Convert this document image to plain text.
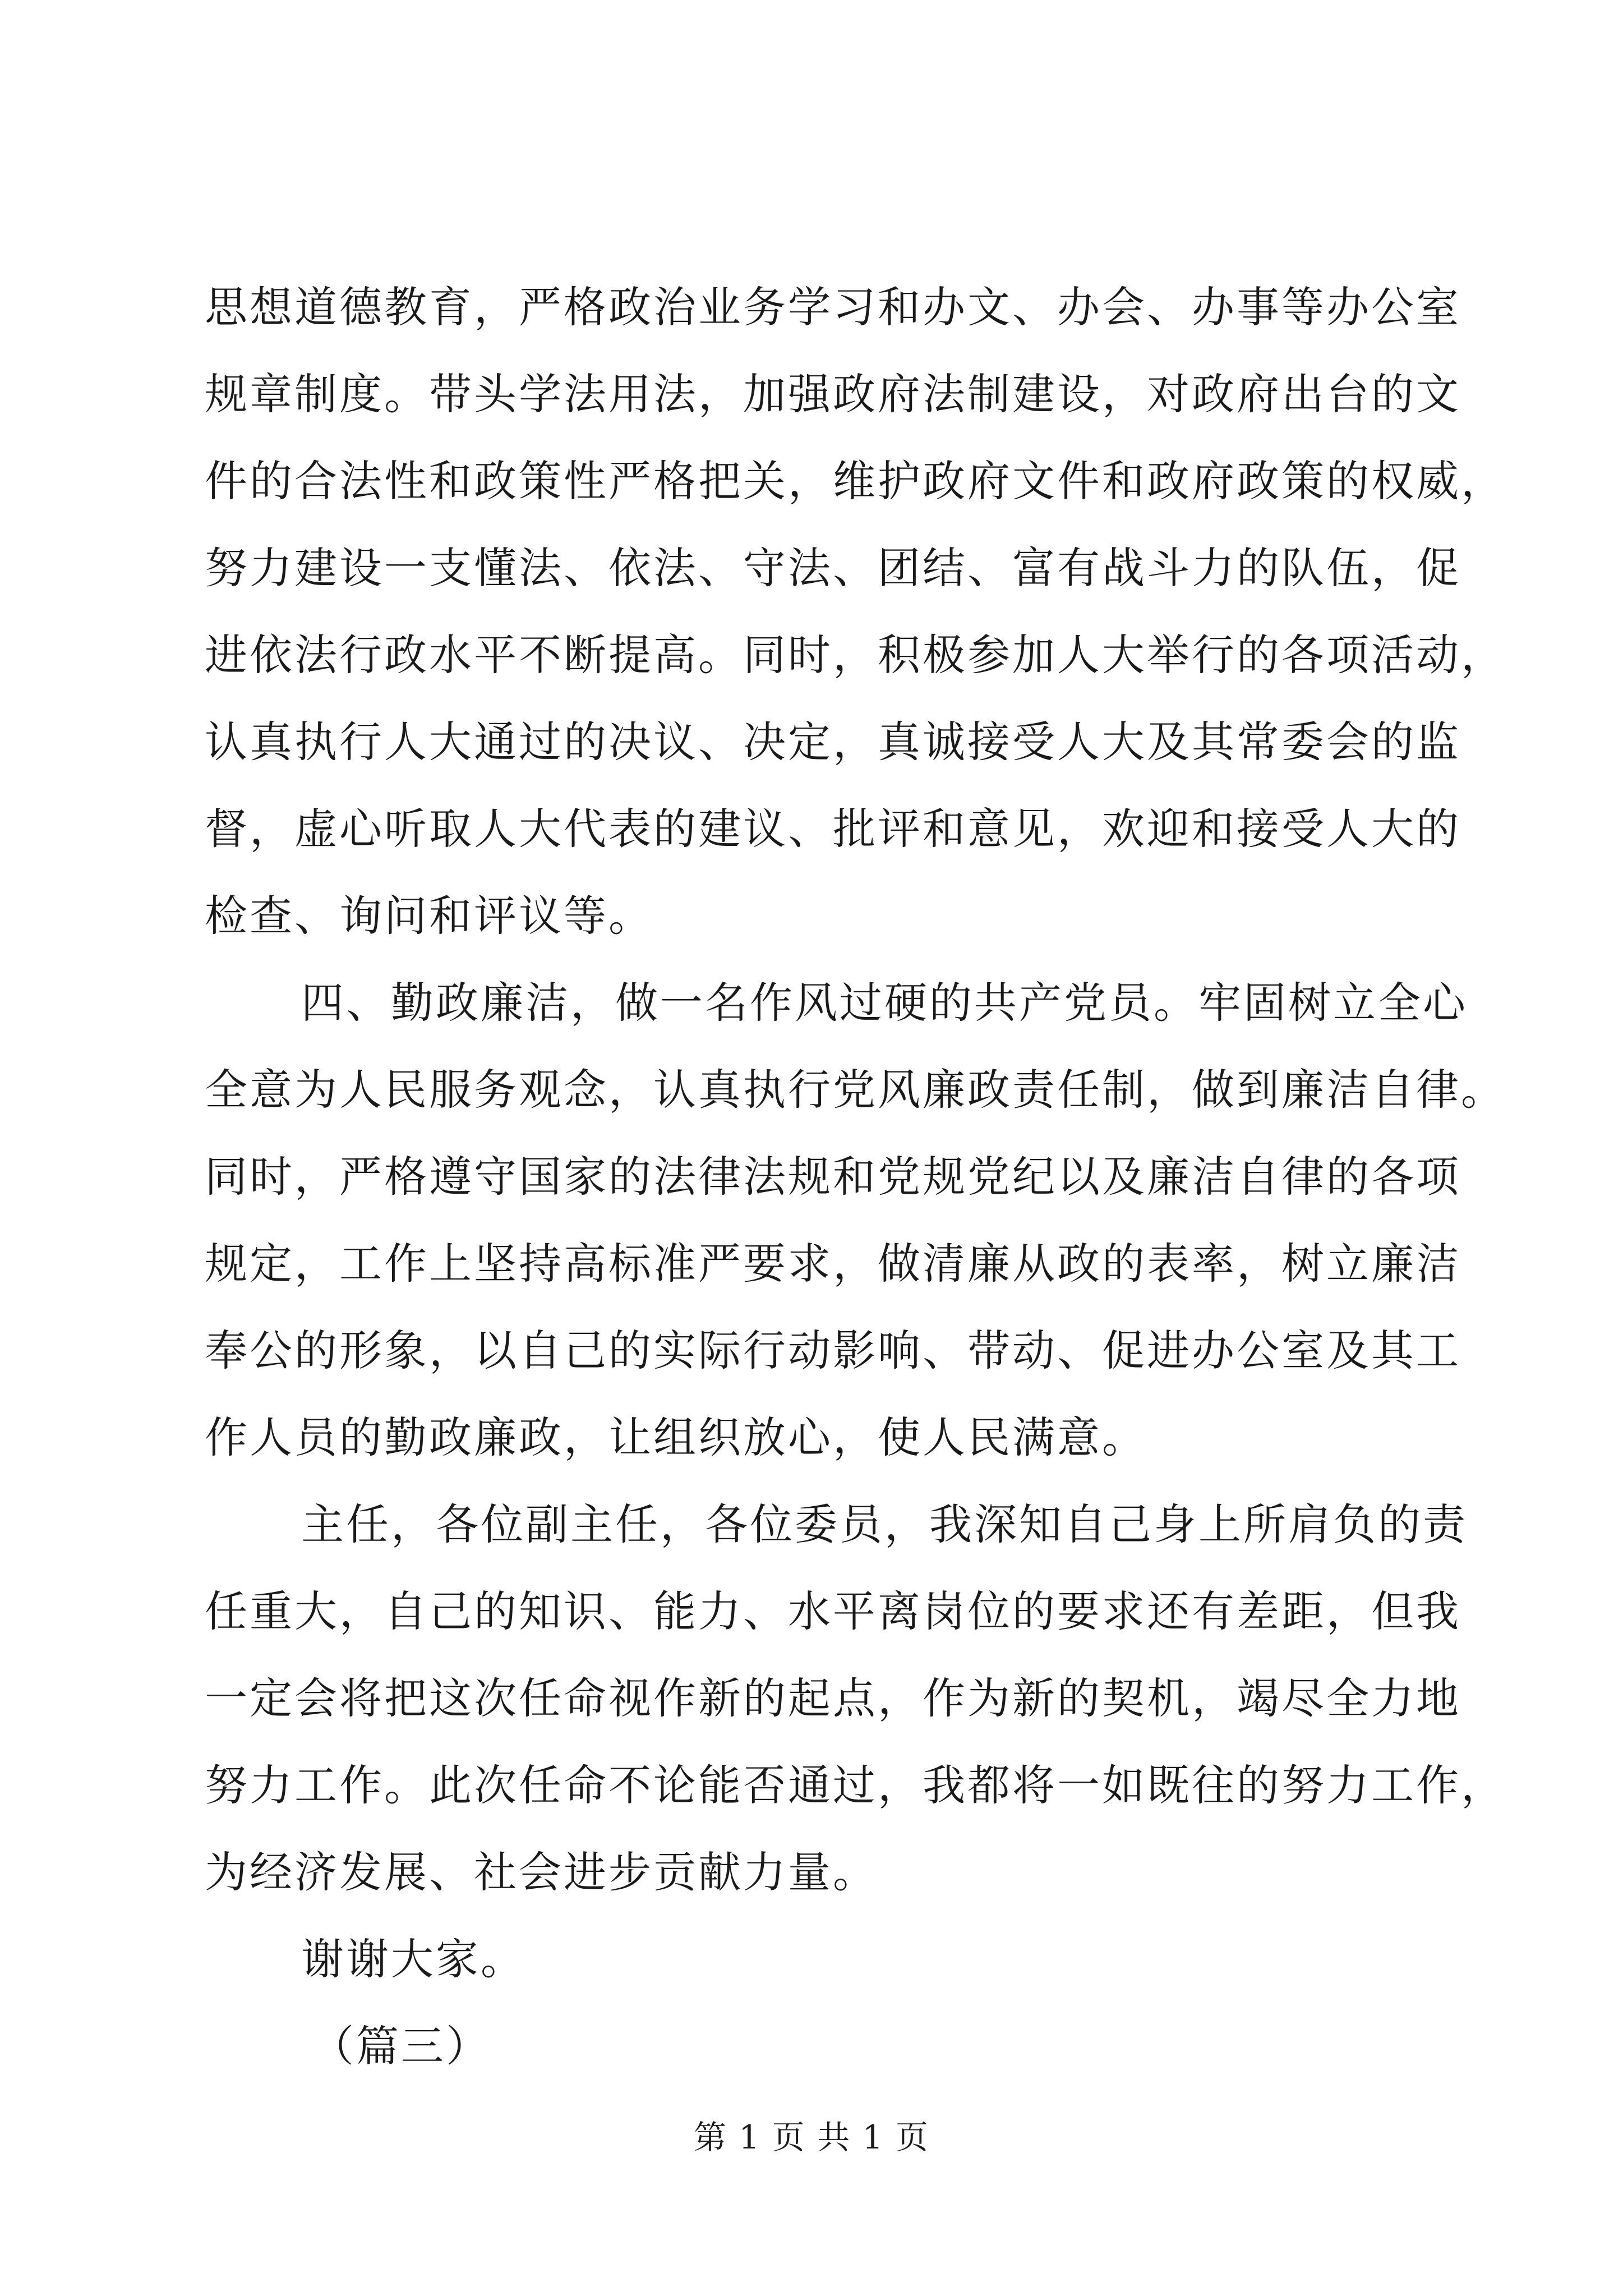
思想道德教育，严格政治业务学习和办文、办会、办事等办公室
规章制度。带头学法用法，加强政府法制建设，对政府出台的文
件的合法性和政策性严格把关，维护政府文件和政府政策的权威，
努力建设一支懂法、依法、守法、团结、富有战斗力的队伍，促
进依法行政水平不断提高。同时，积极参加人大举行的各项活动，
认真执行人大通过的决议、决定，真诚接受人大及其常委会的监
督，虚心听取人大代表的建议、批评和意见，欢迎和接受人大的
检查、询问和评议等。
四、勤政廉洁，做一名作风过硬的共产党员。牢固树立全心
全意为人民服务观念，认真执行党风廉政责任制，做到廉洁自律。
同时，严格遵守国家的法律法规和党规党纪以及廉洁自律的各项
规定，工作上坚持高标准严要求，做清廉从政的表率，树立廉洁
奉公的形象，以自己的实际行动影响、带动、促进办公室及其工
作人员的勤政廉政，让组织放心，使人民满意。
主任，各位副主任，各位委员，我深知自己身上所肩负的责
任重大，自己的知识、能力、水平离岗位的要求还有差距，但我
一定会将把这次任命视作新的起点，作为新的契机，竭尽全力地
努力工作。此次任命不论能否通过，我都将一如既往的努力工作，
为经济发展、社会进步贡献力量。
谢谢大家。
（篇三）
第 1 页 共 1 页
